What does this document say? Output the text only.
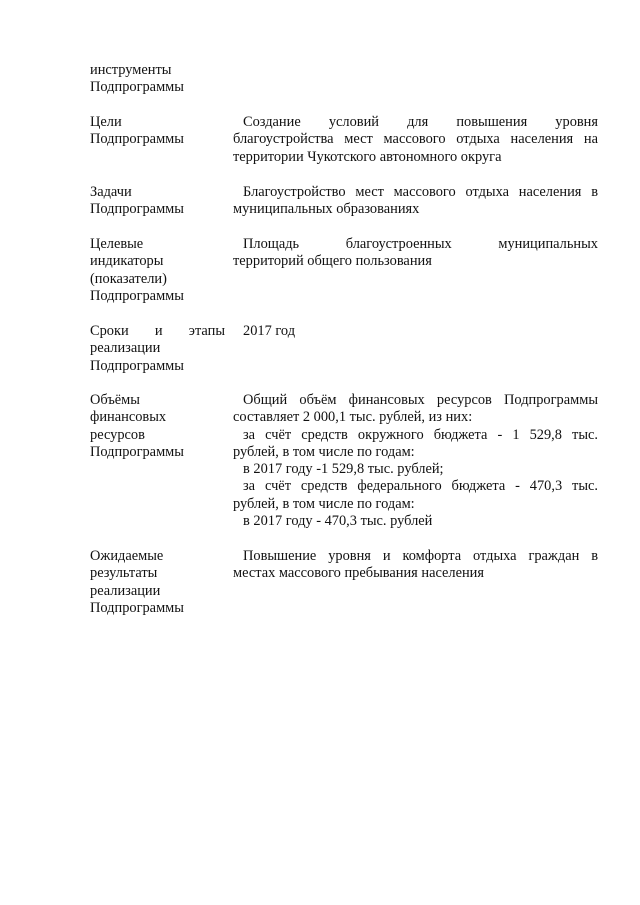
инструменты
Подпрограммы
Цели
Подпрограммы
Создание условий для повышения уровня
благоустройства мест массового отдыха населения на
территории Чукотского автономного округа
Задачи
Подпрограммы
Благоустройство мест массового отдыха населения в
муниципальных образованиях
Целевые
индикаторы
(показатели)
Подпрограммы
Площадь благоустроенных муниципальных
территорий общего пользования
Сроки и этапы
реализации
Подпрограммы
2017 год
Объёмы
финансовых
ресурсов
Подпрограммы
Общий объём финансовых ресурсов Подпрограммы
составляет 2 000,1 тыс. рублей, из них:
за счёт средств окружного бюджета - 1 529,8 тыс.
рублей, в том числе по годам:
в 2017 году -1 529,8 тыс. рублей;
за счёт средств федерального бюджета - 470,3 тыс.
рублей, в том числе по годам:
в 2017 году - 470,3 тыс. рублей
Ожидаемые
результаты
реализации
Подпрограммы
Повышение уровня и комфорта отдыха граждан в
местах массового пребывания населения
